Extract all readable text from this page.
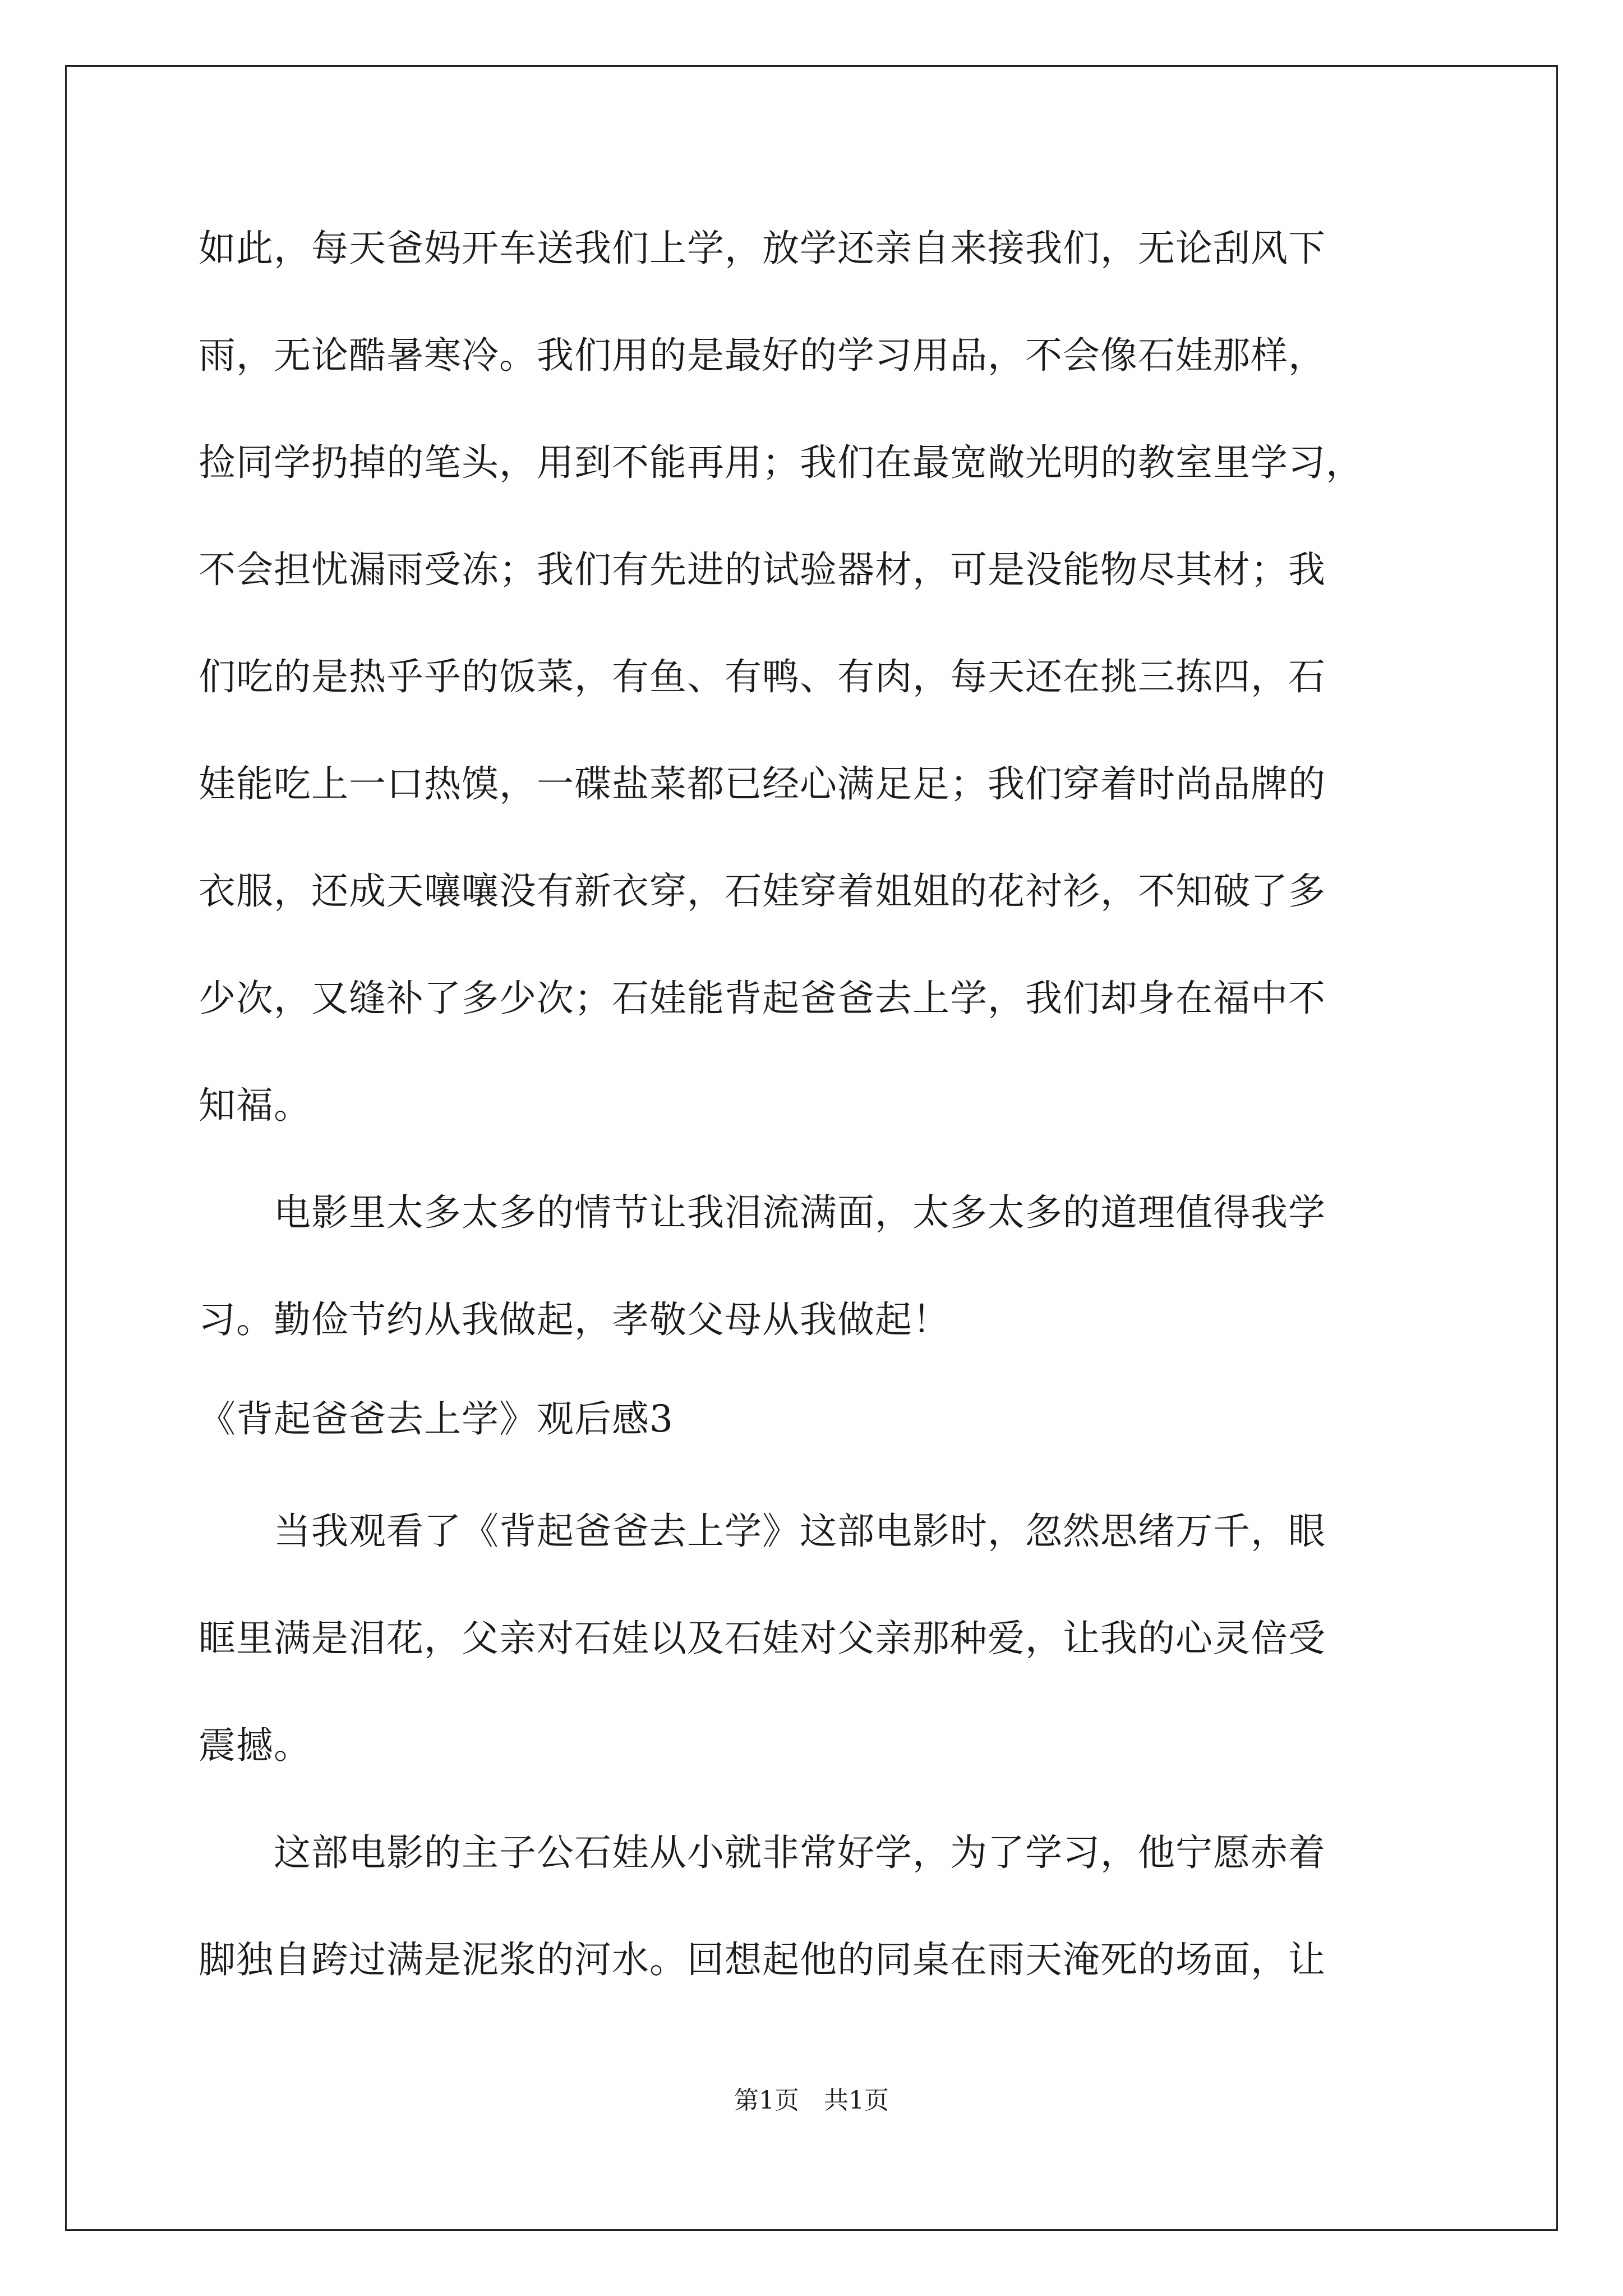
如此，每天爸妈开车送我们上学，放学还亲自来接我们，无论刮风下
雨，无论酷暑寒冷。我们用的是最好的学习用品，不会像石娃那样，
捡同学扔掉的笔头，用到不能再用；我们在最宽敞光明的教室里学习，
不会担忧漏雨受冻；我们有先进的试验器材，可是没能物尽其材；我
们吃的是热乎乎的饭菜，有鱼、有鸭、有肉，每天还在挑三拣四，石
娃能吃上一口热馍，一碟盐菜都已经心满足足；我们穿着时尚品牌的
衣服，还成天嚷嚷没有新衣穿，石娃穿着姐姐的花衬衫，不知破了多
少次，又缝补了多少次；石娃能背起爸爸去上学，我们却身在福中不
知福。
　　电影里太多太多的情节让我泪流满面，太多太多的道理值得我学
习。勤俭节约从我做起，孝敬父母从我做起！
《背起爸爸去上学》观后感3
　　当我观看了《背起爸爸去上学》这部电影时，忽然思绪万千，眼
眶里满是泪花，父亲对石娃以及石娃对父亲那种爱，让我的心灵倍受
震撼。
　　这部电影的主子公石娃从小就非常好学，为了学习，他宁愿赤着
脚独自跨过满是泥浆的河水。回想起他的同桌在雨天淹死的场面，让
第1页　共1页
